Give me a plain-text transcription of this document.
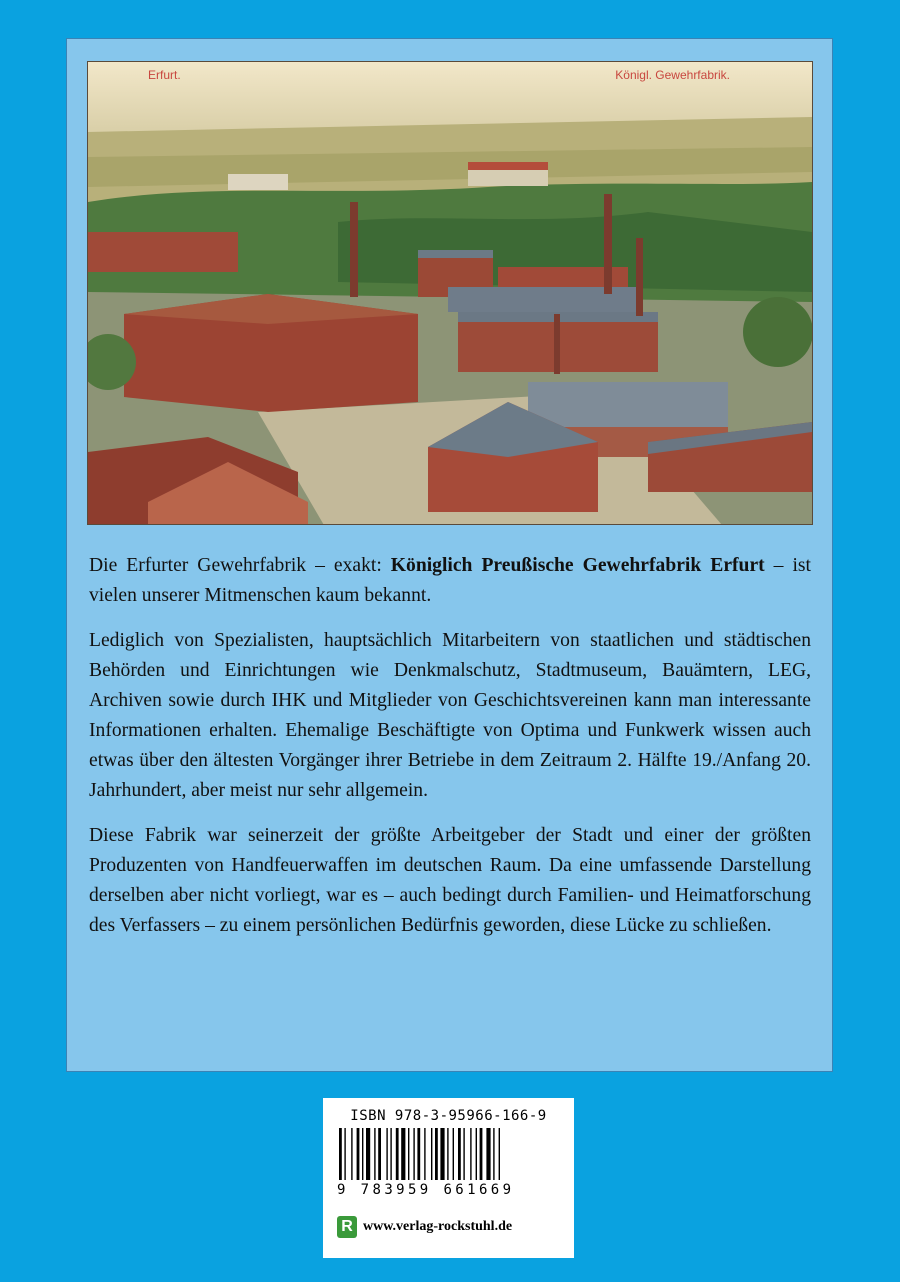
Erfurt.	Königl. Gewehrfabrik.

Die Erfurter Gewehrfabrik – exakt: Königlich Preußische Gewehrfabrik Erfurt – ist vielen unserer Mitmenschen kaum bekannt.

Lediglich von Spezialisten, hauptsächlich Mitarbeitern von staatlichen und städtischen Behörden und Einrichtungen wie Denkmalschutz, Stadtmuseum, Bauämtern, LEG, Archiven sowie durch IHK und Mitglieder von Geschichtsvereinen kann man interessante Informationen erhalten. Ehemalige Beschäftigte von Optima und Funkwerk wissen auch etwas über den ältesten Vorgänger ihrer Betriebe in dem Zeitraum 2. Hälfte 19./Anfang 20. Jahrhundert, aber meist nur sehr allgemein.

Diese Fabrik war seinerzeit der größte Arbeitgeber der Stadt und einer der größten Produzenten von Handfeuerwaffen im deutschen Raum. Da eine umfassende Darstellung derselben aber nicht vorliegt, war es – auch bedingt durch Familien- und Heimatforschung des Verfassers – zu einem persönlichen Bedürfnis geworden, diese Lücke zu schließen.

ISBN 978-3-95966-166-9
9 783959 661669
R www.verlag-rockstuhl.de
